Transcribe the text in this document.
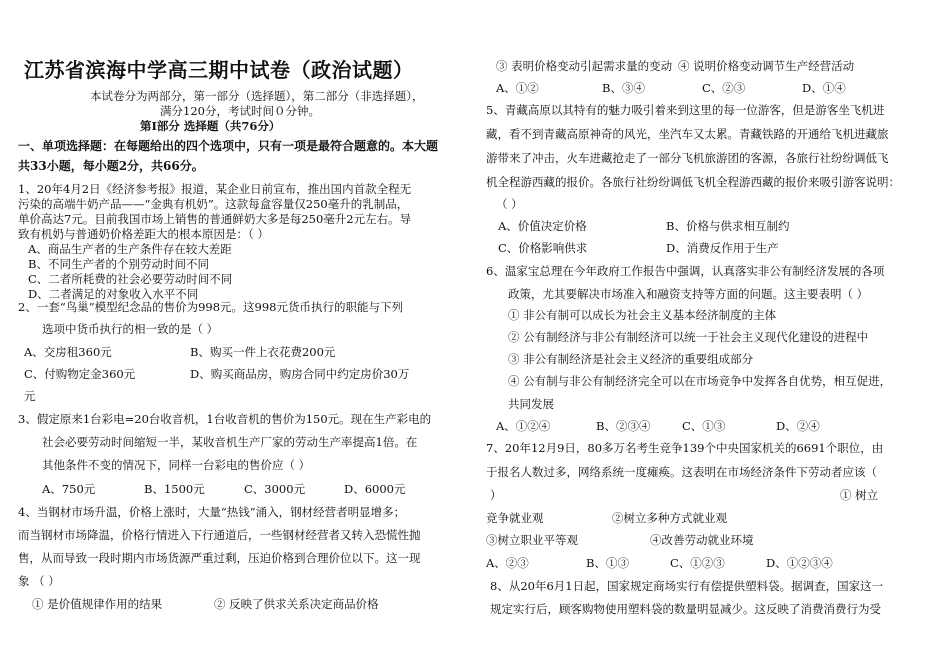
江苏省滨海中学高三期中试卷（政治试题）
本试卷分为两部分，第一部分（选择题），第二部分（非选择题），
满分120分，考试时间０分钟。
第Ⅰ部分 选择题（共76分）
一、单项选择题：在每题给出的四个选项中，只有一项是最符合题意的。本大题
共33小题，每小题2分，共66分。
1、20年4月2日《经济参考报》报道，某企业日前宣布，推出国内首款全程无
污染的高端牛奶产品——“金典有机奶”。这款每盒容量仅250毫升的乳制品，
单价高达7元。目前我国市场上销售的普通鲜奶大多是每250毫升2元左右。导
致有机奶与普通奶价格差距大的根本原因是：（ ）
A、商品生产者的生产条件存在较大差距
B、不同生产者的个别劳动时间不同
C、二者所耗费的社会必要劳动时间不同
D、二者满足的对象收入水平不同
2、一套“鸟巢”模型纪念品的售价为998元。这998元货币执行的职能与下列
选项中货币执行的相一致的是（ ）
A、交房租360元	B、购买一件上衣花费200元
C、付购物定金360元	D、购买商品房，购房合同中约定房价30万
元
3、假定原来1台彩电=20台收音机，1台收音机的售价为150元。现在生产彩电的
社会必要劳动时间缩短一半，某收音机生产厂家的劳动生产率提高1倍。在
其他条件不变的情况下，同样一台彩电的售价应（ ）
A、750元	B、1500元	C、3000元	D、6000元
4、当钢材市场升温，价格上涨时，大量“热钱”涌入，钢材经营者明显增多；
而当钢材市场降温，价格行情进入下行通道后，一些钢材经营者又转入恐慌性抛
售，从而导致一段时期内市场货源严重过剩，压迫价格到合理价位以下。这一现
象 （ ）
① 是价值规律作用的结果	② 反映了供求关系决定商品价格
③ 表明价格变动引起需求量的变动 ④ 说明价格变动调节生产经营活动
A、①②	B、③④	C、②③	D、①④
5、青藏高原以其特有的魅力吸引着来到这里的每一位游客，但是游客坐飞机进
藏，看不到青藏高原神奇的风光，坐汽车又太累。青藏铁路的开通给飞机进藏旅
游带来了冲击，火车进藏抢走了一部分飞机旅游团的客源，各旅行社纷纷调低飞
机全程游西藏的报价。各旅行社纷纷调低飞机全程游西藏的报价来吸引游客说明：
（ ）
A、价值决定价格	B、价格与供求相互制约
C、价格影响供求	D、消费反作用于生产
6、温家宝总理在今年政府工作报告中强调，认真落实非公有制经济发展的各项
政策，尤其要解决市场准入和融资支持等方面的问题。这主要表明（ ）
① 非公有制可以成长为社会主义基本经济制度的主体
② 公有制经济与非公有制经济可以统一于社会主义现代化建设的进程中
③ 非公有制经济是社会主义经济的重要组成部分
④ 公有制与非公有制经济完全可以在市场竞争中发挥各自优势，相互促进，
共同发展
A、①②④	B、②③④	C、①③	D、②④
7、20年12月9日，80多万名考生竞争139个中央国家机关的6691个职位，由
于报名人数过多，网络系统一度瘫痪。这表明在市场经济条件下劳动者应该（
）	① 树立
竞争就业观	②树立多种方式就业观
③树立职业平等观	④改善劳动就业环境
A、②③	B、①③	C、①②③	D、①②③④
8、从20年6月1日起，国家规定商场实行有偿提供塑料袋。据调查，国家这一
规定实行后，顾客购物使用塑料袋的数量明显减少。这反映了消费消费行为受
